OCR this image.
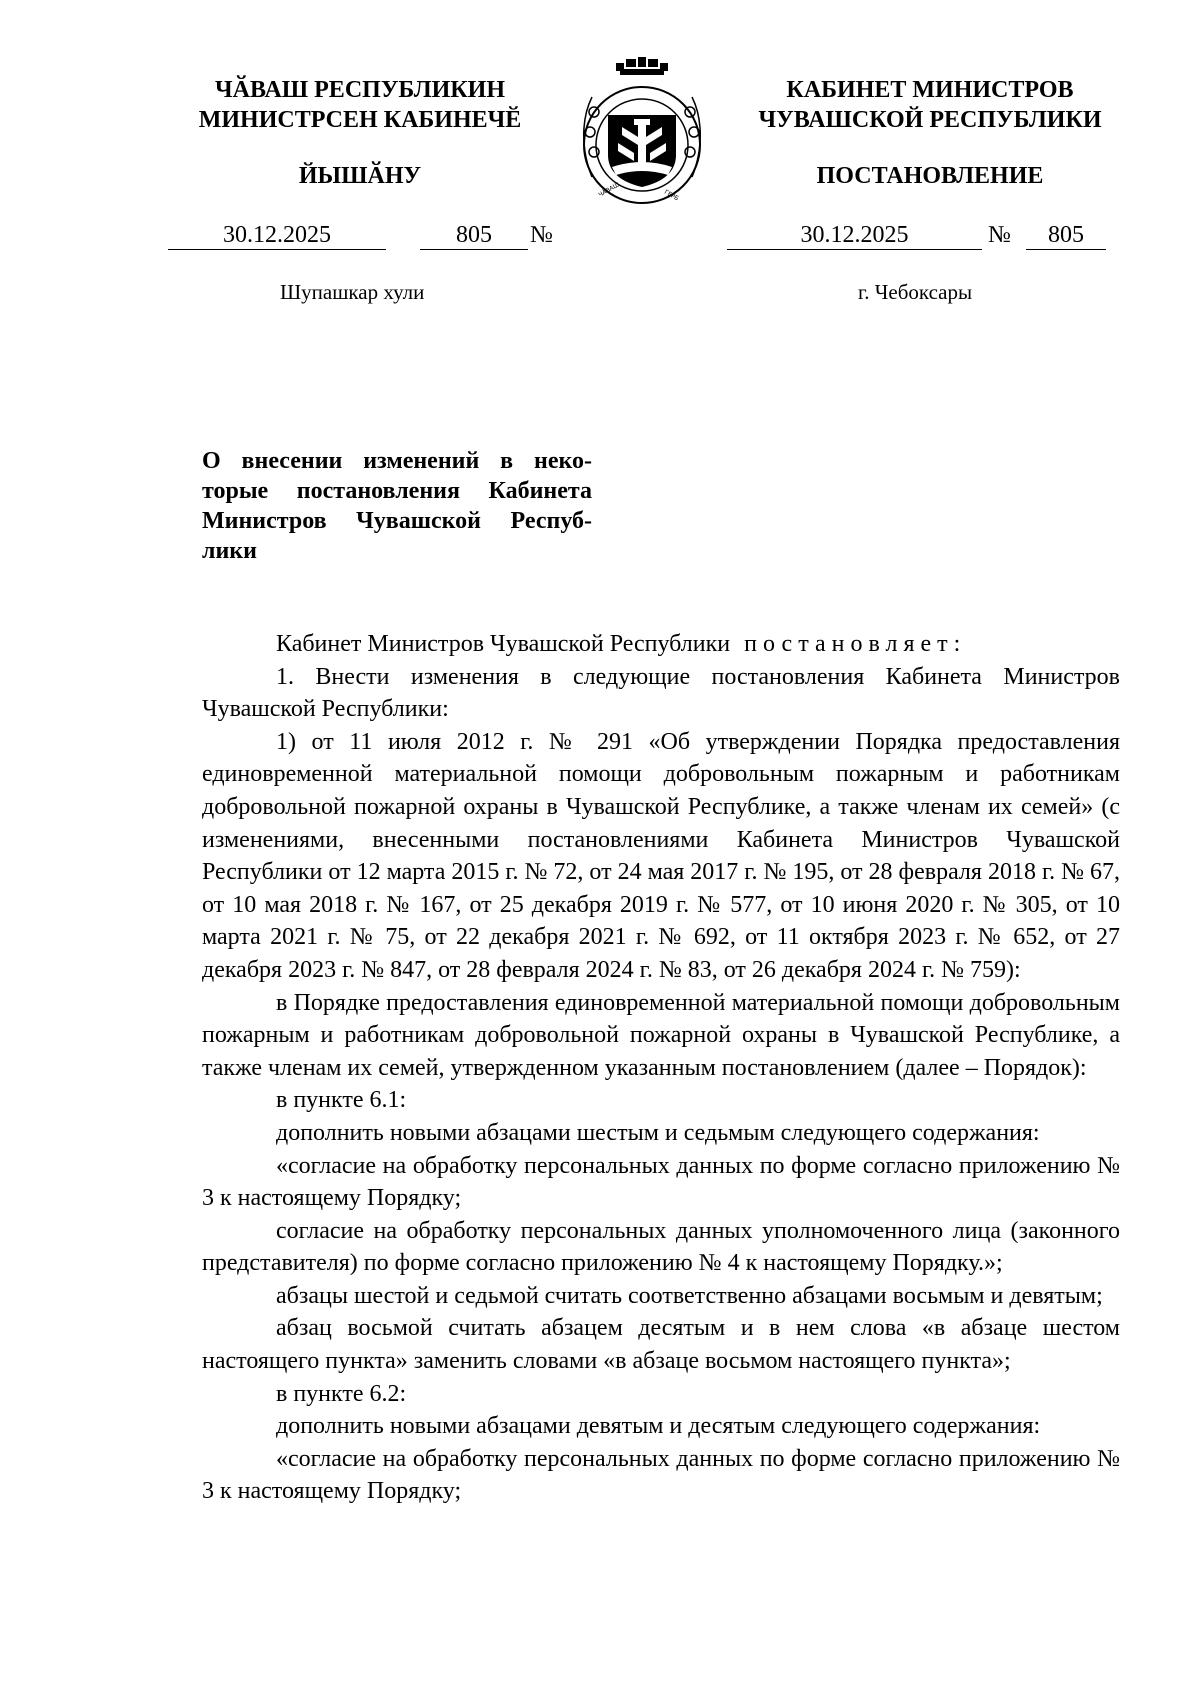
ЧӐВАШ РЕСПУБЛИКИН
МИНИСТРСЕН КАБИНЕЧӖ
ЙЫШӐНУ
КАБИНЕТ МИНИСТРОВ
ЧУВАШСКОЙ РЕСПУБЛИКИ
ПОСТАНОВЛЕНИЕ
ЧӐВАШ	ГЕРБ
30.12.2025	805	№	30.12.2025	№	805
Шупашкар хули	г. Чебоксары
О внесении изменений в неко-
торые постановления Кабинета
Министров Чувашской Респуб-
лики

Кабинет Министров Чувашской Республики постановляет:

1. Внести изменения в следующие постановления Кабинета Министров Чувашской Республики:

1) от 11 июля 2012 г. № 291 «Об утверждении Порядка предоставления единовременной материальной помощи добровольным пожарным и работникам добровольной пожарной охраны в Чувашской Республике, а также членам их семей» (с изменениями, внесенными постановлениями Кабинета Министров Чувашской Республики от 12 марта 2015 г. № 72, от 24 мая 2017 г. № 195, от 28 февраля 2018 г. № 67, от 10 мая 2018 г. № 167, от 25 декабря 2019 г. № 577, от 10 июня 2020 г. № 305, от 10 марта 2021 г. № 75, от 22 декабря 2021 г. № 692, от 11 октября 2023 г. № 652, от 27 декабря 2023 г. № 847, от 28 февраля 2024 г. № 83, от 26 декабря 2024 г. № 759):

в Порядке предоставления единовременной материальной помощи добровольным пожарным и работникам добровольной пожарной охраны в Чувашской Республике, а также членам их семей, утвержденном указанным постановлением (далее – Порядок):

в пункте 6.1:

дополнить новыми абзацами шестым и седьмым следующего содержания:

«согласие на обработку персональных данных по форме согласно приложению № 3 к настоящему Порядку;

согласие на обработку персональных данных уполномоченного лица (законного представителя) по форме согласно приложению № 4 к настоящему Порядку.»;

абзацы шестой и седьмой считать соответственно абзацами восьмым и девятым;

абзац восьмой считать абзацем десятым и в нем слова «в абзаце шестом настоящего пункта» заменить словами «в абзаце восьмом настоящего пункта»;

в пункте 6.2:

дополнить новыми абзацами девятым и десятым следующего содержания:

«согласие на обработку персональных данных по форме согласно приложению № 3 к настоящему Порядку;
